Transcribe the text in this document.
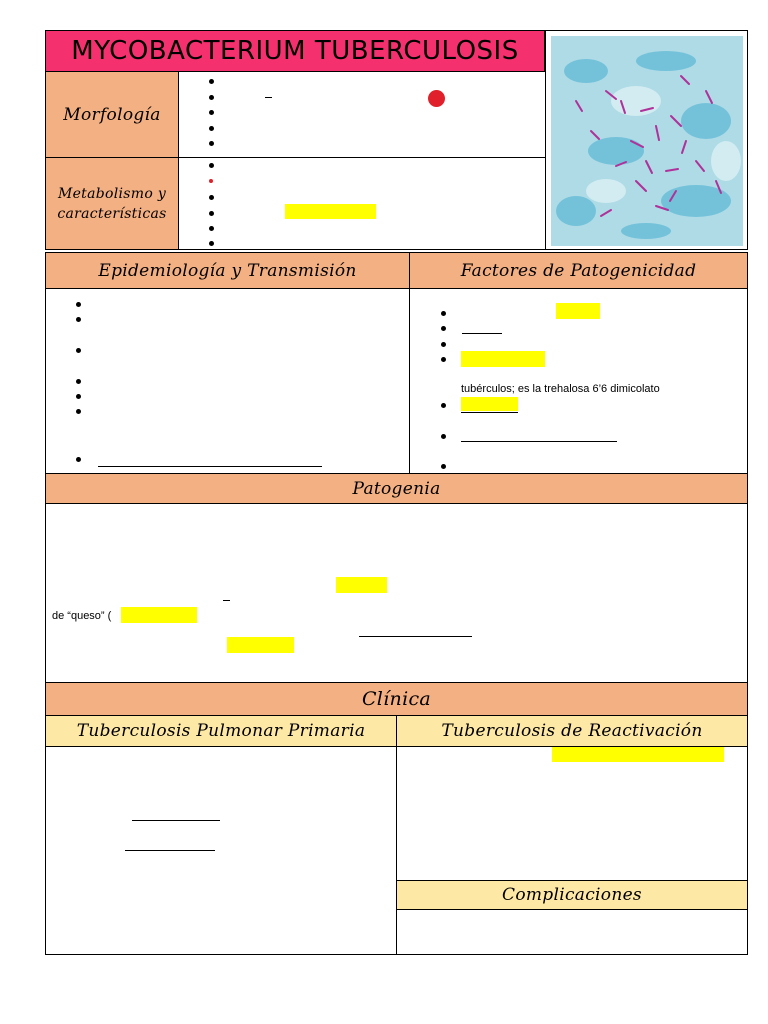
MYCOBACTERIUM TUBERCULOSIS
Morfología
Metabolismo y
características
Epidemiología y Transmisión	Factores de Patogenicidad
tubérculos; es la trehalosa 6’6 dimicolato
Patogenia
de “queso” (
Clínica
Tuberculosis Pulmonar Primaria	Tuberculosis de Reactivación
Complicaciones
